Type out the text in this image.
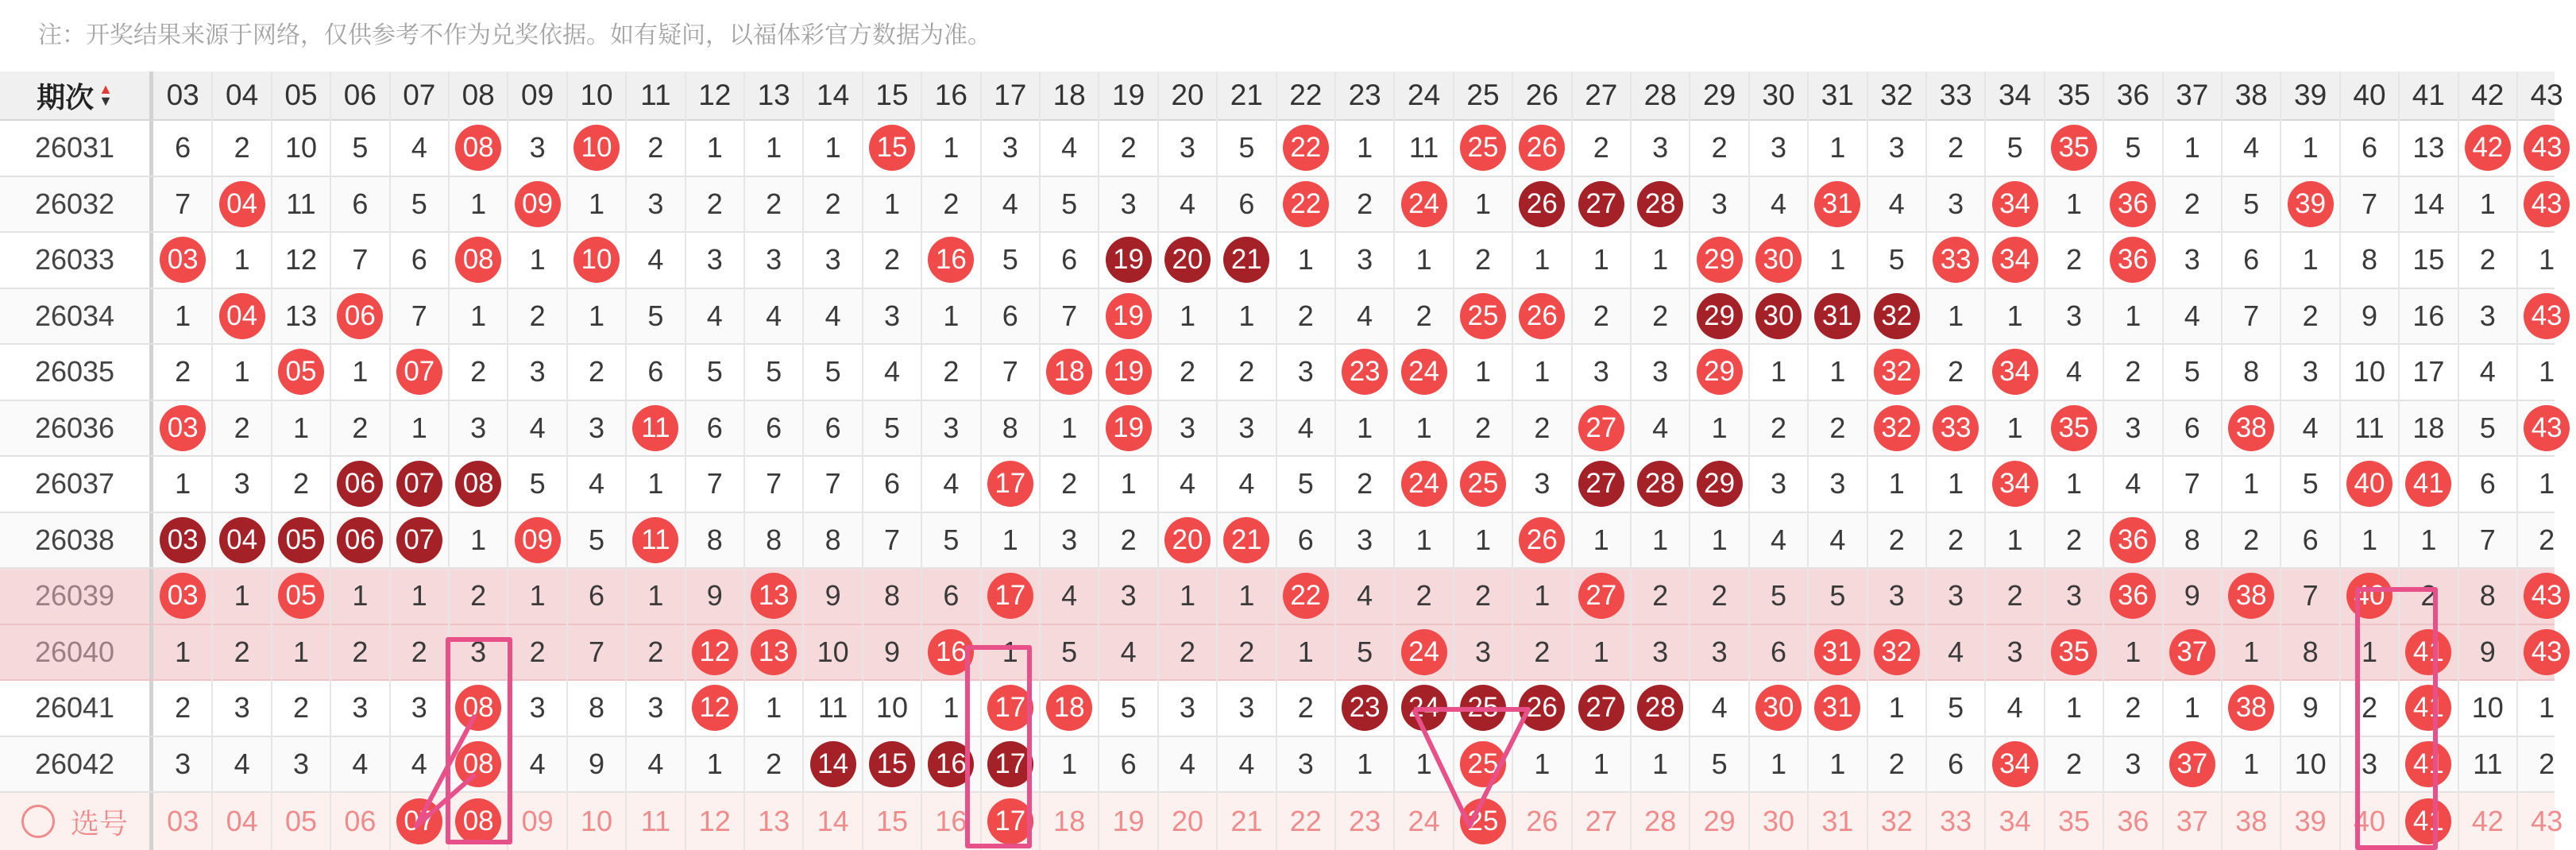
注：开奖结果来源于网络，仅供参考不作为兑奖依据。如有疑问，以福体彩官方数据为准。
期次 ▲
▼	03 04 05 06 07 08 09 10 11 12 13 14 15 16 17 18 19 20 21 22 23 24 25 26 27 28 29 30 31 32 33 34 35 36 37 38 39 40 41 42 43
26031	6 2 10 5 4 08 3 10 2 1 1 1 15 1 3 4 2 3 5 22 1 11 25 26 2 3 2 3 1 3 2 5 35 5 1 4 1 6 13 42 43
26032	7 04 11 6 5 1 09 1 3 2 2 2 1 2 4 5 3 4 6 22 2 24 1 26 27 28 3 4 31 4 3 34 1 36 2 5 39 7 14 1 43
26033	03 1 12 7 6 08 1 10 4 3 3 3 2 16 5 6 19 20 21 1 3 1 2 1 1 1 29 30 1 5 33 34 2 36 3 6 1 8 15 2 1
26034	1 04 13 06 7 1 2 1 5 4 4 4 3 1 6 7 19 1 1 2 4 2 25 26 2 2 29 30 31 32 1 1 3 1 4 7 2 9 16 3 43
26035	2 1 05 1 07 2 3 2 6 5 5 5 4 2 7 18 19 2 2 3 23 24 1 1 3 3 29 1 1 32 2 34 4 2 5 8 3 10 17 4 1
26036	03 2 1 2 1 3 4 3	11	6 6 6 5 3 8 1 19 3 3 4 1 1 2 2 27 4 1 2 2 32 33 1 35 3 6 38 4 11 18 5 43
26037	1 3 2 06 07 08 5 4 1 7 7 7 6 4 17 2 1 4 4 5 2 24 25 3 27 28 29 3 3 1 1 34 1 4 7 1 5 40 41 6 1
26038	03 04 05 06 07 1 09 5	11	8 8 8 7 5 1 3 2 20 21 6 3 1 1 26 1 1 1 4 4 2 2 1 2 36 8 2 6 1 1 7 2
26039	03 1 05 1 1 2 1 6 1 9 13 9 8 6 17 4 3 1 1 22 4 2 2 1 27 2 2 5 5 3 3 2 3 36 9 38 7 40 2 8 43
26040	1 2 1 2 2 3 2 7 2 12 13 10 9 16 1 5 4 2 2 1 5 24 3 2 1 3 3 6 31 32 4 3 35 1 37 1 8 1 41 9 43
26041	2 3 2 3 3 08 3 8 3 12 1 11 10 1 17 18 5 3 3 2 23 24 25 26 27 28 4 30 31 1 5 4 1 2 1 38 9 2 41 10 1
26042	3 4 3 4 4 08 4 9 4 1 2 14 15 16 17 1 6 4 4 3 1 1 25 1 1 1 5 1 1 2 6 34 2 3 37 1 10 3 41 11 2
选号 03 04 05 06 07 08 09 10 11 12 13 14 15 16 17 18 19 20 21 22 23 24 25 26 27 28 29 30 31 32 33 34 35 36 37 38 39 40 41 42 43
